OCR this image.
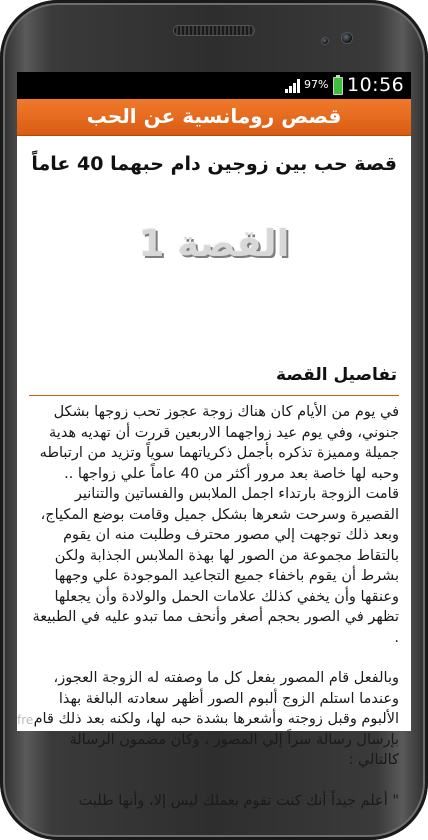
97% 10:56
قصص رومانسية عن الحب
قصة حب بين زوجين دام حبهما 40 عاماً
القصة 1
تفاصيل القصة

في يوم من الأيام كان هناك زوجة عجوز تحب زوجها بشكل جنوني، وفي يوم عيد زواجهما الاربعين قررت أن تهديه هدية جميلة ومميزة تذكره بأجمل ذكرياتهما سوياً وتزيد من ارتباطه وحبه لها خاصة بعد مرور أكثر من 40 عاماً علي زواجها .. قامت الزوجة بارتداء اجمل الملابس والفساتين والتنانير القصيرة وسرحت شعرها بشكل جميل وقامت بوضع المكياج، وبعد ذلك توجهت إلي مصور محترف وطلبت منه ان يقوم بالتقاط مجموعة من الصور لها بهذة الملابس الجذابة ولكن بشرط أن يقوم باخفاء جميع التجاعيد الموجودة علي وجهها وعنقها وأن يخفي كذلك علامات الحمل والولادة وأن يجعلها تظهر في الصور بحجم أصغر وأنحف مما تبدو عليه في الطبيعة .

وبالفعل قام المصور بفعل كل ما وصفته له الزوجة العجوز، وعندما استلم الزوج ألبوم الصور أظهر سعادته البالغة بهذا الألبوم وقبل زوجته وأشعرها بشدة حبه لها، ولكنه بعد ذلك قام بإرسال رسالة سراً إلي المصور ، وكان مضمون الرسالة كالتالي :

" أعلم جيداً أنك كنت تقوم بعملك ليس إلا، وأنها طلبت

fre
